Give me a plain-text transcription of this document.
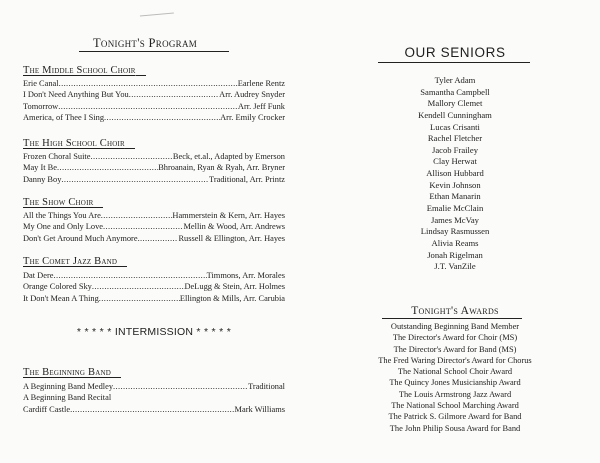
Tonight's Program
The Middle School Choir
Erie Canal .....	Earlene Rentz
I Don't Need Anything But You .....	Arr. Audrey Snyder
Tomorrow .....	Arr. Jeff Funk
America, of Thee I Sing .....	Arr. Emily Crocker
The High School Choir
Frozen Choral Suite .....	Beck, et.al., Adapted by Emerson
May It Be .....	Bhroanain, Ryan & Ryah, Arr. Bryner
Danny Boy .....	Traditional, Arr. Printz
The Show Choir
All the Things You Are .....	Hammerstein & Kern, Arr. Hayes
My One and Only Love .....	Mellin & Wood, Arr. Andrews
Don't Get Around Much Anymore .....	Russell & Ellington, Arr. Hayes
The Comet Jazz Band
Dat Dere .....	Timmons, Arr. Morales
Orange Colored Sky .....	DeLugg & Stein, Arr. Holmes
It Don't Mean A Thing .....	Ellington & Mills, Arr. Carubia
* * * * * INTERMISSION * * * * *
The Beginning Band
A Beginning Band Medley .....	Traditional
A Beginning Band Recital
Cardiff Castle .....	Mark Williams
OUR SENIORS
Tyler Adam
Samantha Campbell
Mallory Clemet
Kendell Cunningham
Lucas Crisanti
Rachel Fletcher
Jacob Frailey
Clay Herwat
Allison Hubbard
Kevin Johnson
Ethan Manarin
Emalie McClain
James McVay
Lindsay Rasmussen
Alivia Reams
Jonah Rigelman
J.T. VanZile
Tonight's Awards
Outstanding Beginning Band Member
The Director's Award for Choir (MS)
The Director's Award for Band (MS)
The Fred Waring Director's Award for Chorus
The National School Choir Award
The Quincy Jones Musicianship Award
The Louis Armstrong Jazz Award
The National School Marching Award
The Patrick S. Gilmore Award for Band
The John Philip Sousa Award for Band
